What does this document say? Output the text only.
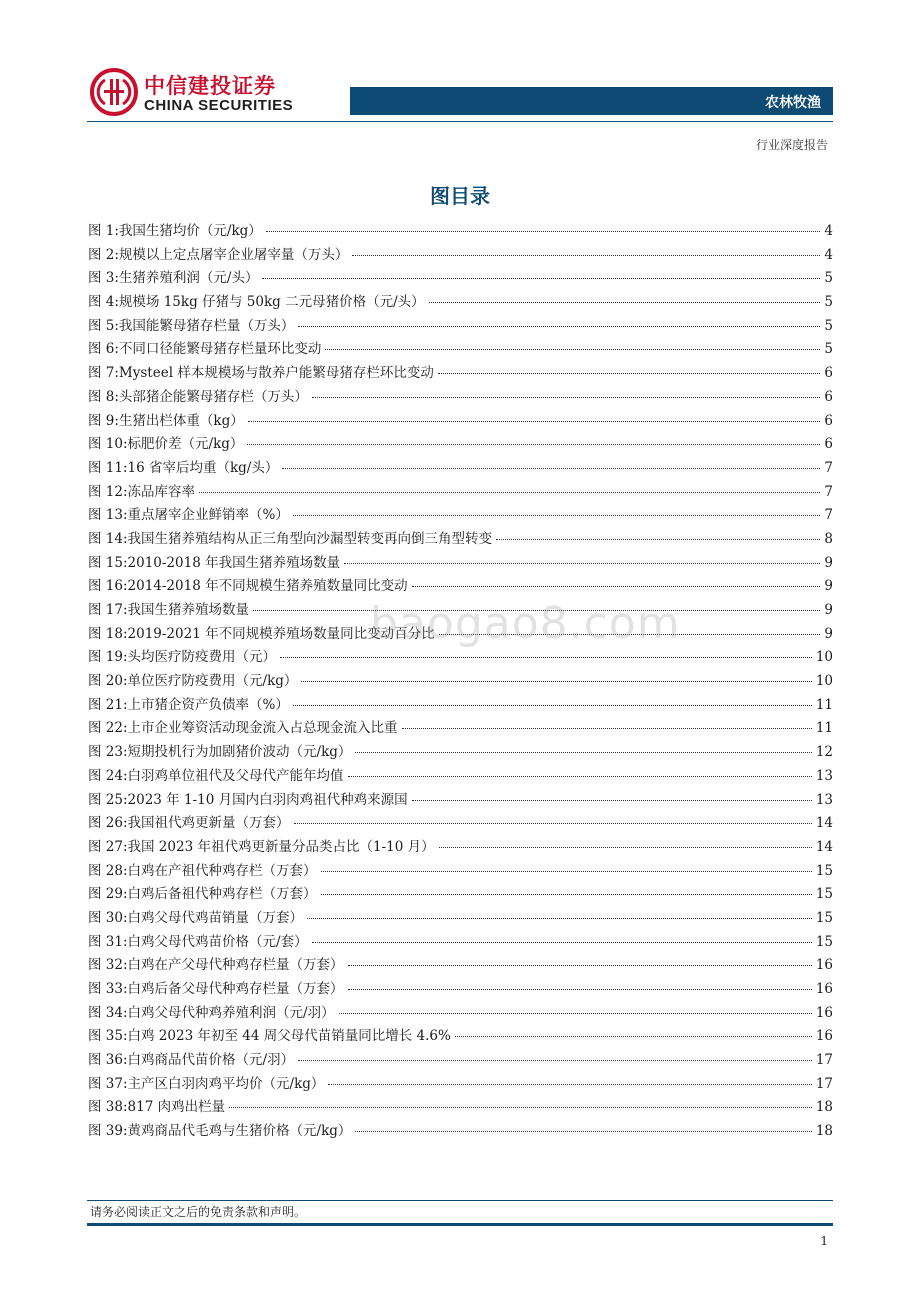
中信建投证券
CHINA SECURITIES	农林牧渔
行业深度报告
图目录
图 1:我国生猪均价（元/kg）	4
图 2:规模以上定点屠宰企业屠宰量（万头）	4
图 3:生猪养殖利润（元/头）	5
图 4:规模场 15kg 仔猪与 50kg 二元母猪价格（元/头）	5
图 5:我国能繁母猪存栏量（万头）	5
图 6:不同口径能繁母猪存栏量环比变动	5
图 7:Mysteel 样本规模场与散养户能繁母猪存栏环比变动	6
图 8:头部猪企能繁母猪存栏（万头）	6
图 9:生猪出栏体重（kg）	6
图 10:标肥价差（元/kg）	6
图 11:16 省宰后均重（kg/头）	7
图 12:冻品库容率	7
图 13:重点屠宰企业鲜销率（%）	7
图 14:我国生猪养殖结构从正三角型向沙漏型转变再向倒三角型转变	8
图 15:2010-2018 年我国生猪养殖场数量	9
图 16:2014-2018 年不同规模生猪养殖数量同比变动	9
图 17:我国生猪养殖场数量	9
图 18:2019-2021 年不同规模养殖场数量同比变动百分比	9
图 19:头均医疗防疫费用（元）	10
图 20:单位医疗防疫费用（元/kg）	10
图 21:上市猪企资产负债率（%）	11
图 22:上市企业筹资活动现金流入占总现金流入比重	11
图 23:短期投机行为加剧猪价波动（元/kg）	12
图 24:白羽鸡单位祖代及父母代产能年均值	13
图 25:2023 年 1-10 月国内白羽肉鸡祖代种鸡来源国	13
图 26:我国祖代鸡更新量（万套）	14
图 27:我国 2023 年祖代鸡更新量分品类占比（1-10 月）	14
图 28:白鸡在产祖代种鸡存栏（万套）	15
图 29:白鸡后备祖代种鸡存栏（万套）	15
图 30:白鸡父母代鸡苗销量（万套）	15
图 31:白鸡父母代鸡苗价格（元/套）	15
图 32:白鸡在产父母代种鸡存栏量（万套）	16
图 33:白鸡后备父母代种鸡存栏量（万套）	16
图 34:白鸡父母代种鸡养殖利润（元/羽）	16
图 35:白鸡 2023 年初至 44 周父母代苗销量同比增长 4.6%	16
图 36:白鸡商品代苗价格（元/羽）	17
图 37:主产区白羽肉鸡平均价（元/kg）	17
图 38:817 肉鸡出栏量	18
图 39:黄鸡商品代毛鸡与生猪价格（元/kg）	18
baogao8.com
请务必阅读正文之后的免责条款和声明。
1
